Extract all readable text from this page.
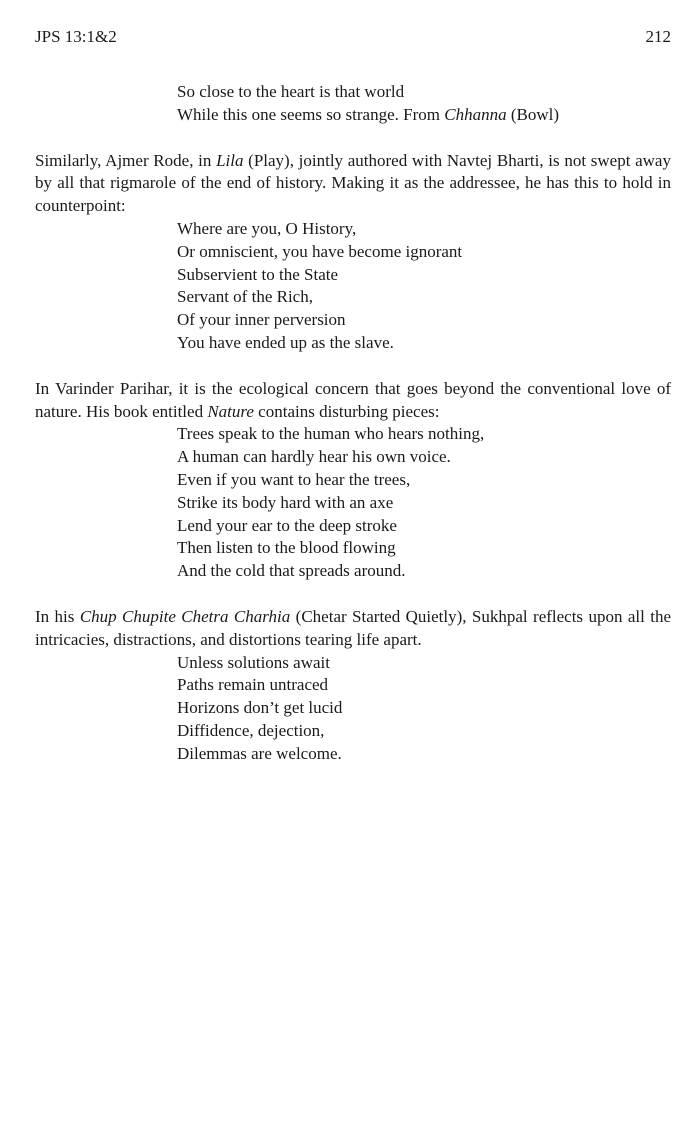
JPS 13:1&2	212
So close to the heart is that world
While this one seems so strange. From Chhanna (Bowl)

Similarly, Ajmer Rode, in Lila (Play), jointly authored with Navtej Bharti, is not swept away by all that rigmarole of the end of history. Making it as the addressee, he has this to hold in counterpoint:

Where are you, O History,
Or omniscient, you have become ignorant
Subservient to the State
Servant of the Rich,
Of your inner perversion
You have ended up as the slave.

In Varinder Parihar, it is the ecological concern that goes beyond the conventional love of nature. His book entitled Nature contains disturbing pieces:

Trees speak to the human who hears nothing,
A human can hardly hear his own voice.
Even if you want to hear the trees,
Strike its body hard with an axe
Lend your ear to the deep stroke
Then listen to the blood flowing
And the cold that spreads around.

In his Chup Chupite Chetra Charhia (Chetar Started Quietly), Sukhpal reflects upon all the intricacies, distractions, and distortions tearing life apart.

Unless solutions await
Paths remain untraced
Horizons don’t get lucid
Diffidence, dejection,
Dilemmas are welcome.
